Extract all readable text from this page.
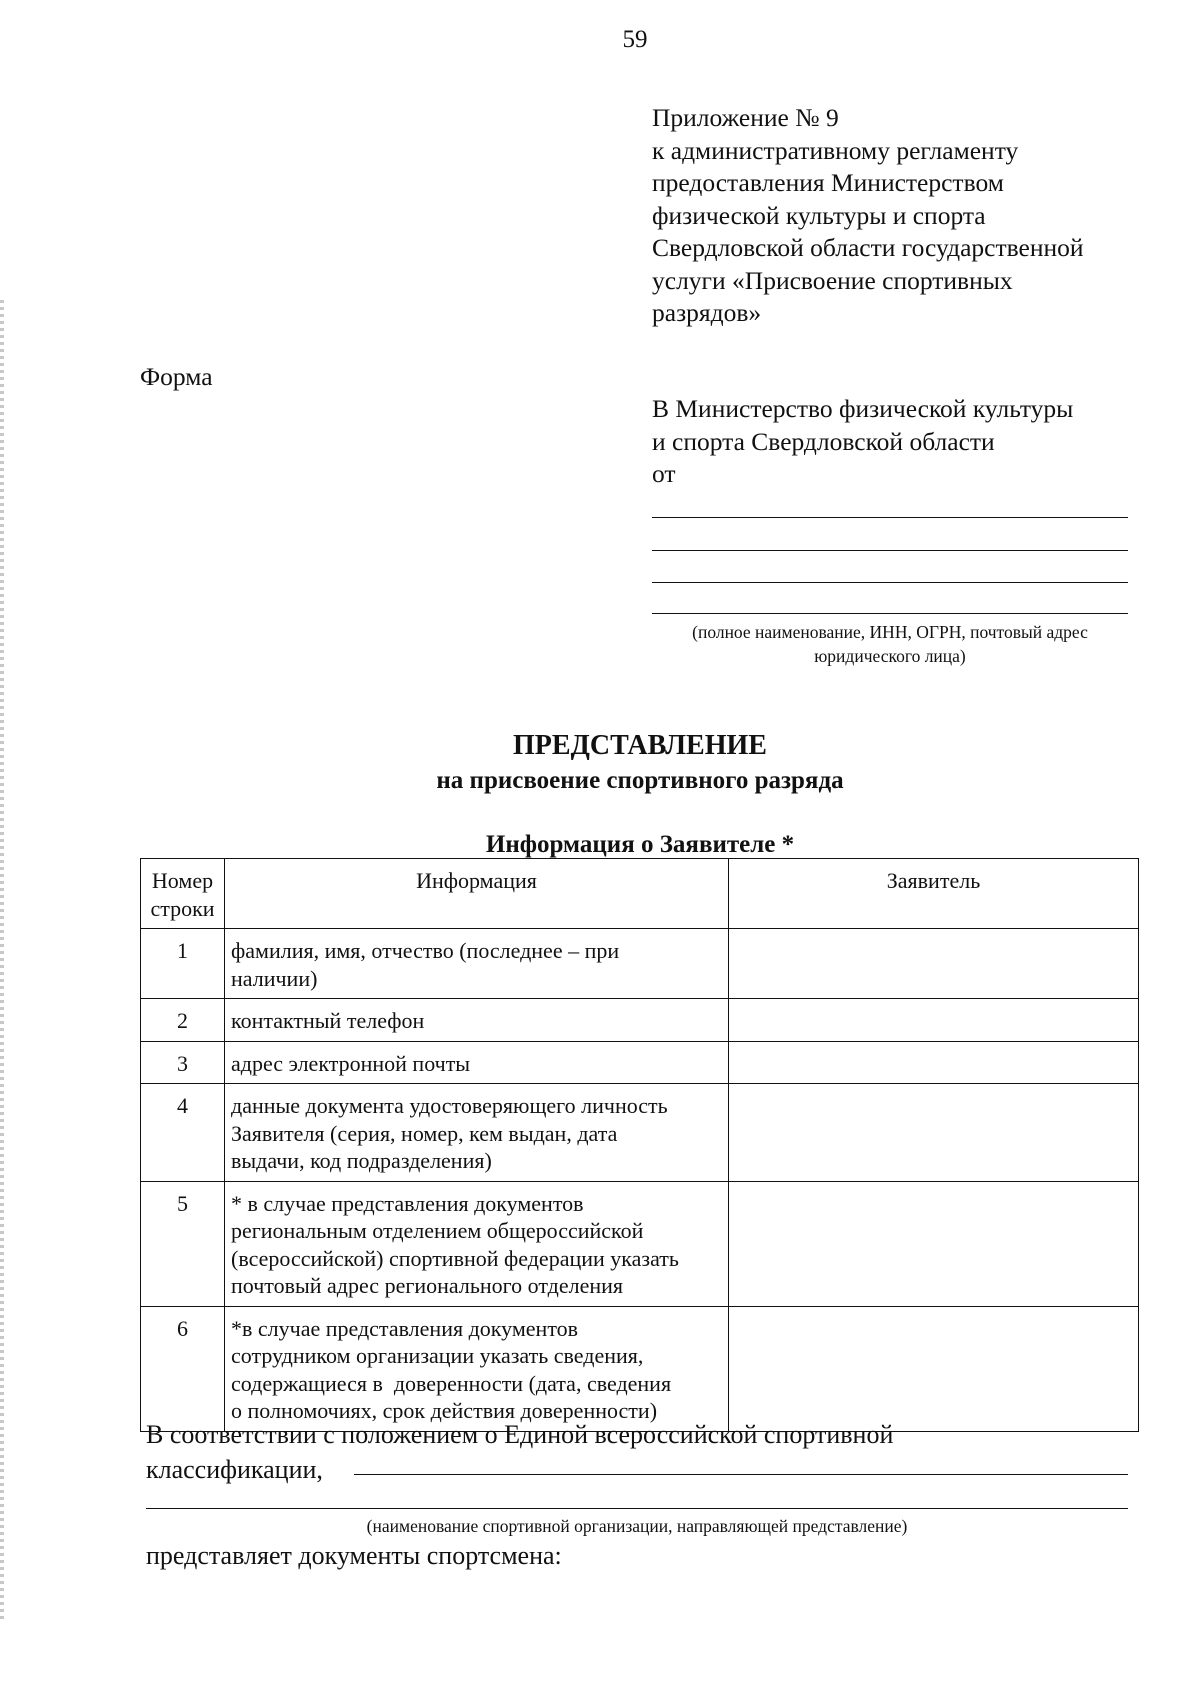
59
Приложение № 9
к административному регламенту
предоставления Министерством
физической культуры и спорта
Свердловской области государственной
услуги «Присвоение спортивных
разрядов»
Форма
В Министерство физической культуры
и спорта Свердловской области
от
(полное наименование, ИНН, ОГРН, почтовый адрес
юридического лица)
ПРЕДСТАВЛЕНИЕ
на присвоение спортивного разряда
Информация о Заявителе *
Номер
строки	Информация	Заявитель
1	фамилия, имя, отчество (последнее – при
наличии)	

2	контактный телефон	

3	адрес электронной почты	

4	данные документа удостоверяющего личность
Заявителя (серия, номер, кем выдан, дата
выдачи, код подразделения)	

5	* в случае представления документов
региональным отделением общероссийской
(всероссийской) спортивной федерации указать
почтовый адрес регионального отделения	

6	*в случае представления документов
сотрудником организации указать сведения,
содержащиеся в  доверенности (дата, сведения
о полномочиях, срок действия доверенности)	

В соответствии с положением о Единой всероссийской спортивной
классификации,
(наименование спортивной организации, направляющей представление)
представляет документы спортсмена:
